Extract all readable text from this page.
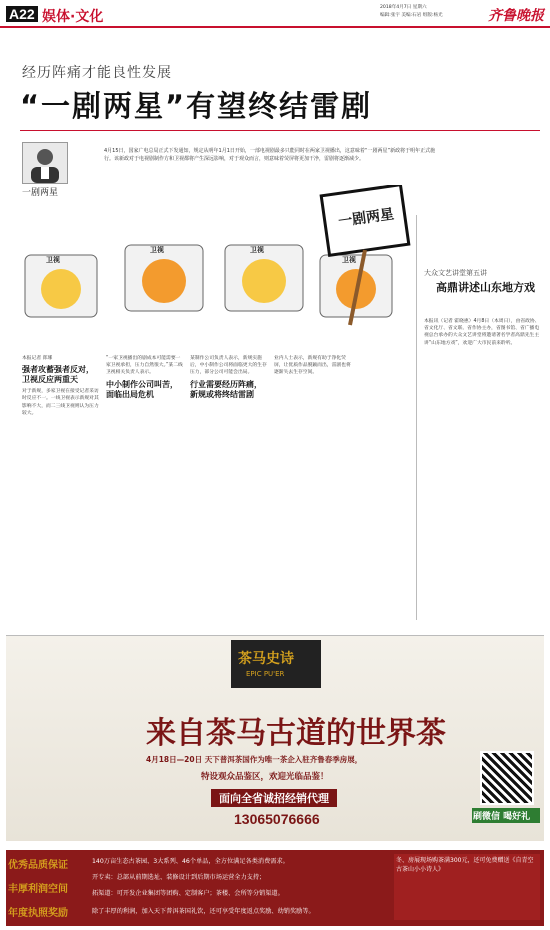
A22 娱体·文化
2018年4月7日 星期六
编辑:张宇 美编:石岩 组版:杨光	齐鲁晚报
经历阵痛才能良性发展
“一剧两星”有望终结雷剧
一剧两星
4月15日，国家广电总局正式下发通知，规定从明年1月1日开始，一部电视剧最多只能同时在两家卫视播出，这意味着“一剧两星”新政将于明年正式施行。该新政对于电视剧制作方和卫视都将产生深远影响，对于观众而言，则意味着荧屏将更加干净，雷剧将逐渐减少。
卫视
卫视	卫视
卫视
一剧两星
本报记者 郎琊
强者攻蓄强者反对，卫视反应两重天
对于新规，多家卫视在接受记者采访时反应不一。一线卫视表示新规对其影响不大，而二三线卫视则认为压力较大。
“一家卫视播出的剧成本可能需要一家卫视承担，压力自然很大。”某二线卫视相关负责人表示。
中小制作公司叫苦，面临出局危机
某制作公司负责人表示，新规实施后，中小制作公司将面临更大的生存压力，部分公司可能会出局。
行业需要经历阵痛，新规或将终结雷剧
业内人士表示，新规有助于净化荧屏，让优质作品脱颖而出，雷剧也将逐渐失去生存空间。
大众文艺讲堂第五讲
高鼎讲述山东地方戏
本报讯（记者 霍晓惠）4月8日（本周日），由省政协、省文化厅、省文联、省作协主办，省图书馆、省广播电视总台承办的大众文艺讲堂将邀请著名学者高鼎先生主讲“山东地方戏”，欢迎广大市民前来聆听。
茶马史诗
EPIC PU'ER
来自茶马古道的世界茶
4月18日—20日 天下普洱茶国作为唯一茶企入驻齐鲁春季房展，
特设观众品鉴区，欢迎光临品鉴！
面向全省诚招经销代理
13065076666	刷微信 喝好礼
优秀品质保证
丰厚利润空间
年度执照奖励
140万亩生态古茶园、3大系列、46个单品，全方位满足各类消费需求。
开专卖：总部从前期选址、装修设计到后期市场运营全力支持；
拓渠道：可开发企业集团等团购、定制客户；茶楼、会所等分销渠道。
除了丰厚的利润，加入天下普洱茶国礼饮，还可享受年度返点奖励、幼销奖励等。
冬、房展现场购茶满300元，还可免费赠送《自青空古茶山小小诗人》
